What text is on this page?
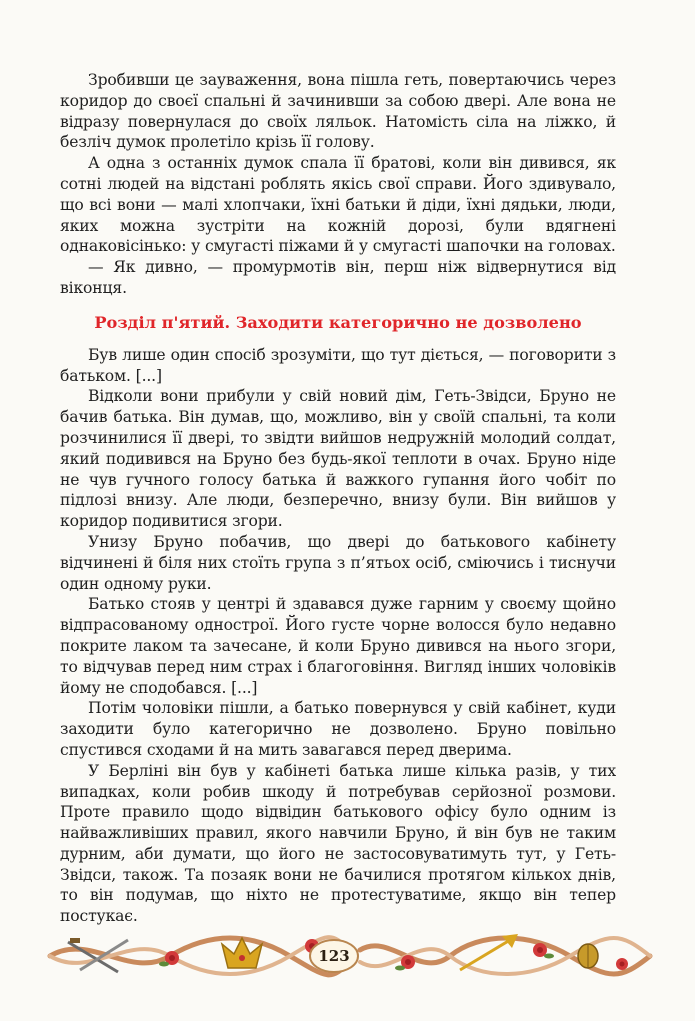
Зробивши це зауваження, вона пішла геть, повертаючись через коридор до своєї спальні й зачинивши за собою двері. Але вона не відразу повернулася до своїх ляльок. Натомість сіла на ліжко, й безліч думок пролетіло крізь її голову.

А одна з останніх думок спала її братові, коли він дивився, як сотні людей на відстані роблять якісь свої справи. Його здивувало, що всі вони — малі хлопчаки, їхні батьки й діди, їхні дядьки, люди, яких можна зустріти на кожній дорозі, були вдягнені однаковісінько: у смугасті піжами й у смугасті шапочки на головах.

— Як дивно, — промурмотів він, перш ніж відвернутися від віконця.

Розділ п'ятий. Заходити категорично не дозволено

Був лише один спосіб зрозуміти, що тут діється, — поговорити з батьком. [...]

Відколи вони прибули у свій новий дім, Геть-Звідси, Бруно не бачив батька. Він думав, що, можливо, він у своїй спальні, та коли розчинилися її двері, то звідти вийшов недружній молодий солдат, який подивився на Бруно без будь-якої теплоти в очах. Бруно ніде не чув гучного голосу батька й важкого гупання його чобіт по підлозі внизу. Але люди, безперечно, внизу були. Він вийшов у коридор подивитися згори.

Унизу Бруно побачив, що двері до батькового кабінету відчинені й біля них стоїть група з п’ятьох осіб, сміючись і тиснучи один одному руки.

Батько стояв у центрі й здавався дуже гарним у своєму щойно відпрасованому однострої. Його густе чорне волосся було недавно покрите лаком та зачесане, й коли Бруно дивився на нього згори, то відчував перед ним страх і благоговіння. Вигляд інших чоловіків йому не сподобався. [...]

Потім чоловіки пішли, а батько повернувся у свій кабінет, куди заходити було категорично не дозволено. Бруно повільно спустився сходами й на мить завагався перед дверима.

У Берліні він був у кабінеті батька лише кілька разів, у тих випадках, коли робив шкоду й потребував серйозної розмови. Проте правило щодо відвідин батькового офісу було одним із найважливіших правил, якого навчили Бруно, й він був не таким дурним, аби думати, що його не застосовуватимуть тут, у Геть-Звідси, також. Та позаяк вони не бачилися протягом кількох днів, то він подумав, що ніхто не протестуватиме, якщо він тепер постукає.

123
